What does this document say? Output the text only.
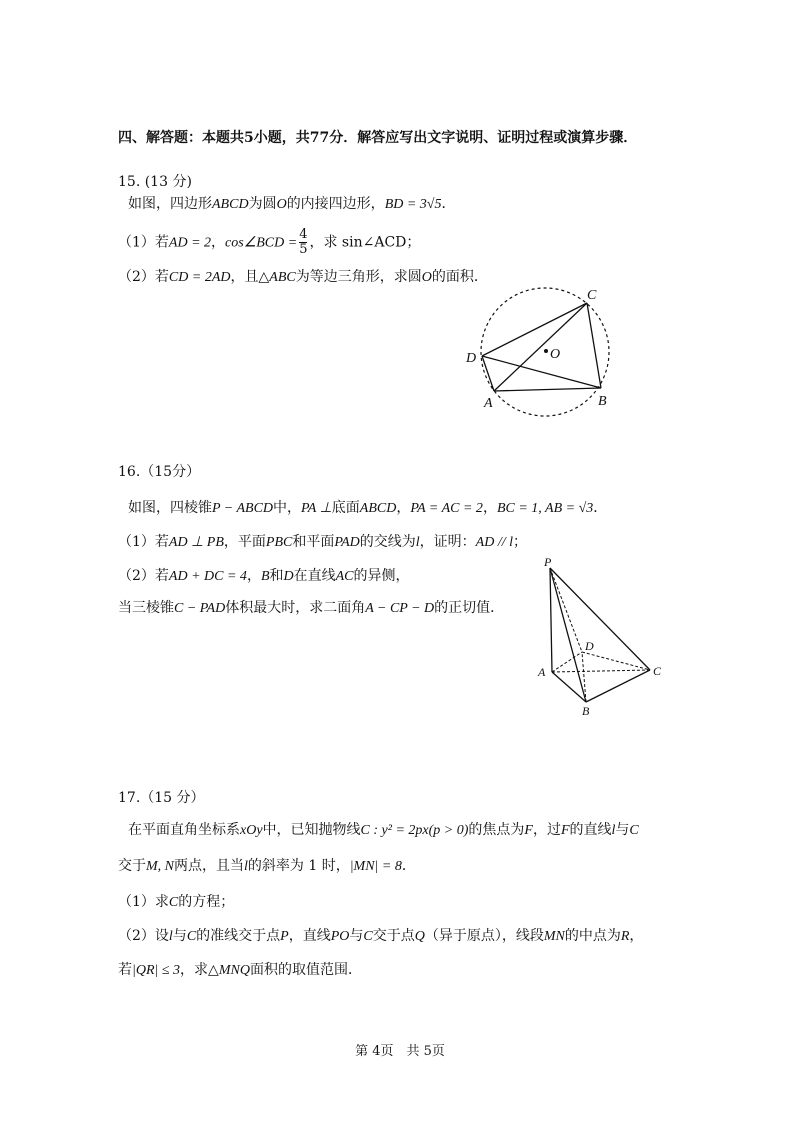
四、解答题：本题共5小题，共77分．解答应写出文字说明、证明过程或演算步骤．
15. (13 分)
如图，四边形ABCD为圆O的内接四边形，BD = 3√5．
（1）若AD = 2，cos∠BCD = $\frac{4}{5}$ ，求 sin∠ACD；
（2）若CD = 2AD，且△ABC为等边三角形，求圆O的面积．
C
D	O
A	B
16.（15分）
如图，四棱锥P − ABCD中，PA ⊥底面ABCD，PA = AC = 2，BC = 1, AB = √3．
（1）若AD ⊥ PB，平面PBC和平面PAD的交线为l，证明：AD // l；
（2）若AD + DC = 4，B和D在直线AC的异侧，
当三棱锥C − PAD体积最大时，求二面角A − CP − D的正切值．
P
D
A	C
B
17.（15 分）
在平面直角坐标系xOy中，已知抛物线C : y² = 2px(p > 0)的焦点为F，过F的直线l与C
交于M, N两点，且当l的斜率为 1 时，|MN| = 8．
（1）求C的方程；
（2）设l与C的准线交于点P，直线PO与C交于点Q（异于原点），线段MN的中点为R，
若|QR| ≤ 3，求△MNQ面积的取值范围．
第 4页　共 5页
